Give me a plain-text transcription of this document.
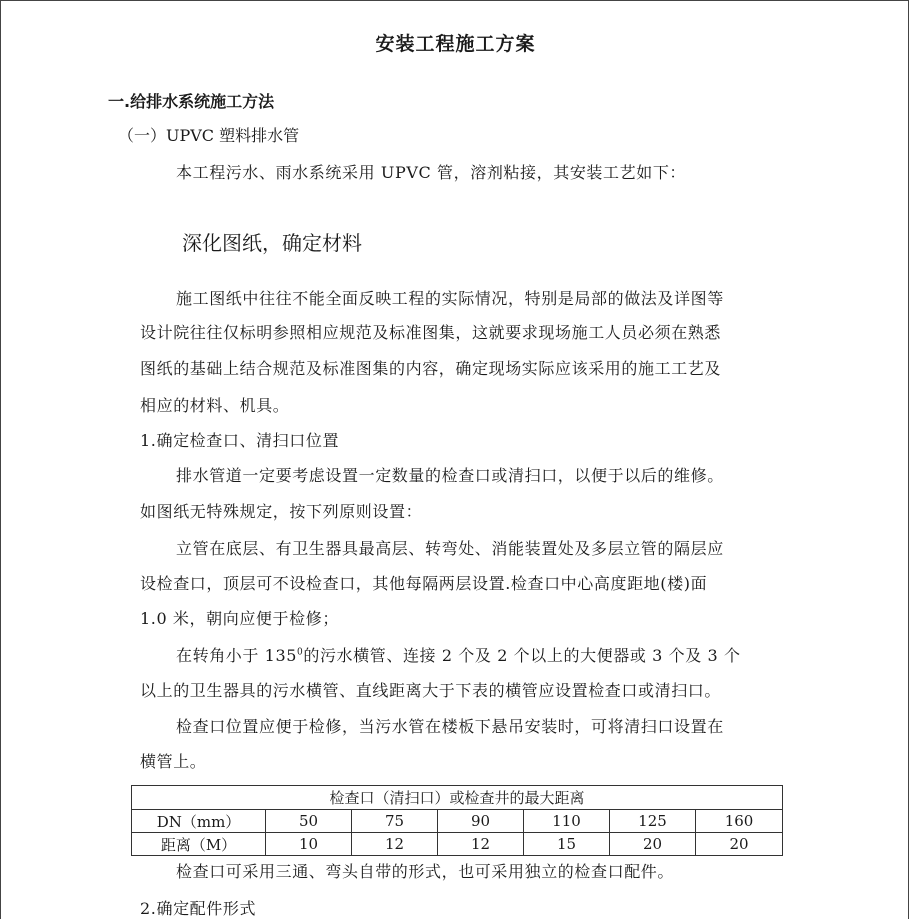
安装工程施工方案
一.给排水系统施工方法
（一）UPVC 塑料排水管
本工程污水、雨水系统采用 UPVC 管，溶剂粘接，其安装工艺如下：
深化图纸，确定材料
施工图纸中往往不能全面反映工程的实际情况，特别是局部的做法及详图等
设计院往往仅标明参照相应规范及标准图集，这就要求现场施工人员必须在熟悉
图纸的基础上结合规范及标准图集的内容，确定现场实际应该采用的施工工艺及
相应的材料、机具。
1.确定检查口、清扫口位置
排水管道一定要考虑设置一定数量的检查口或清扫口，以便于以后的维修。
如图纸无特殊规定，按下列原则设置：
立管在底层、有卫生器具最高层、转弯处、消能装置处及多层立管的隔层应
设检查口，顶层可不设检查口，其他每隔两层设置.检查口中心高度距地(楼)面
1.0 米，朝向应便于检修；
在转角小于 $135^0$的污水横管、连接 2 个及 2 个以上的大便器或 3 个及 3 个
以上的卫生器具的污水横管、直线距离大于下表的横管应设置检查口或清扫口。
检查口位置应便于检修，当污水管在楼板下悬吊安装时，可将清扫口设置在
横管上。
检查口（清扫口）或检查井的最大距离						
DN（mm）	50	75	90	110	125	160
距离（M）	10	12	12	15	20	20
检查口可采用三通、弯头自带的形式，也可采用独立的检查口配件。
2.确定配件形式
